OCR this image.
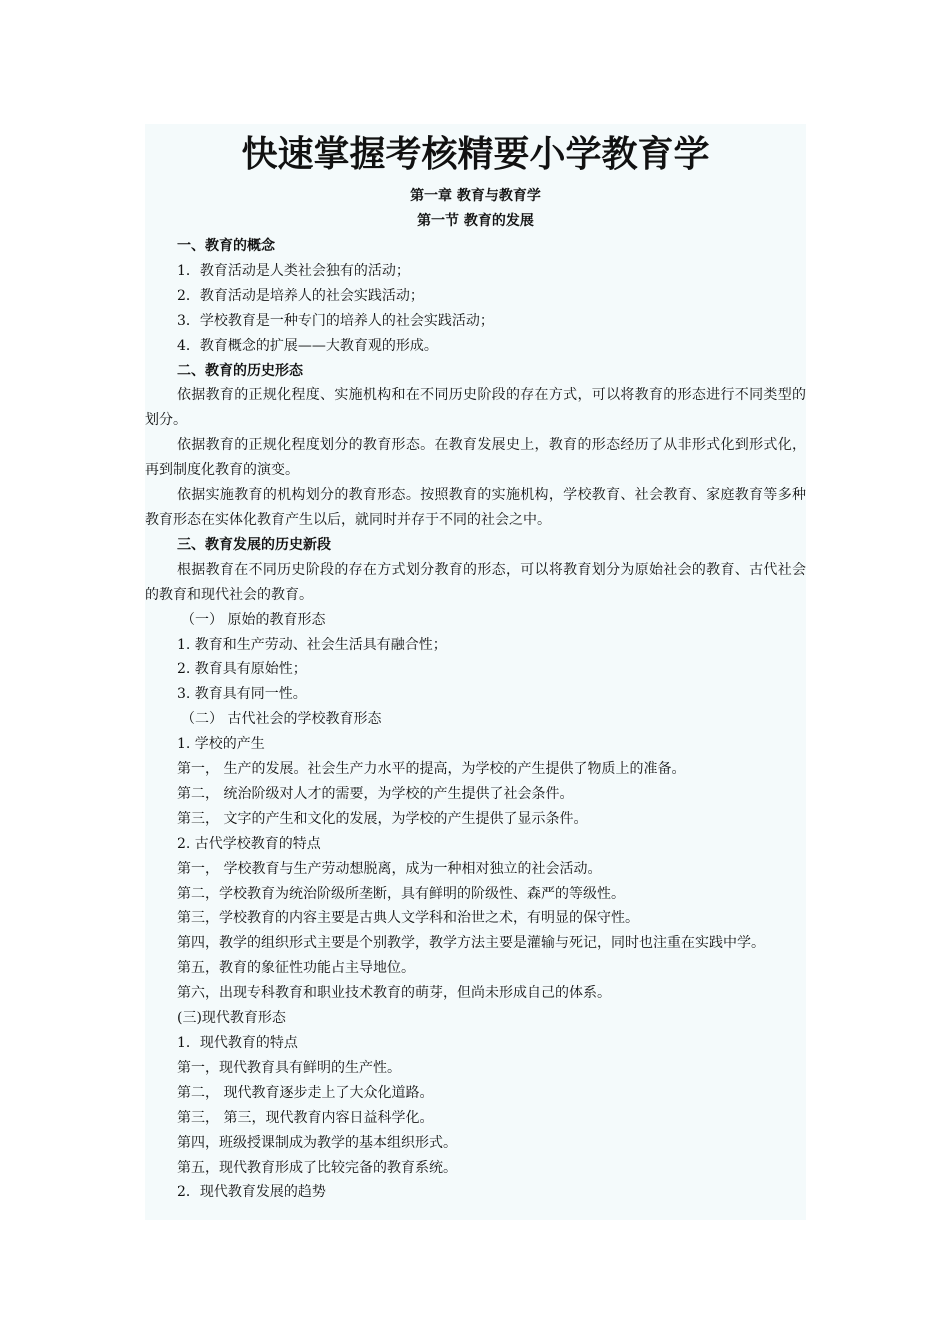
快速掌握考核精要小学教育学
第一章 教育与教育学
第一节 教育的发展
一、教育的概念
1．教育活动是人类社会独有的活动；
2．教育活动是培养人的社会实践活动；
3．学校教育是一种专门的培养人的社会实践活动；
4．教育概念的扩展——大教育观的形成。
二、教育的历史形态
依据教育的正规化程度、实施机构和在不同历史阶段的存在方式，可以将教育的形态进行不同类型的划分。
依据教育的正规化程度划分的教育形态。在教育发展史上，教育的形态经历了从非形式化到形式化，再到制度化教育的演变。
依据实施教育的机构划分的教育形态。按照教育的实施机构，学校教育、社会教育、家庭教育等多种教育形态在实体化教育产生以后，就同时并存于不同的社会之中。
三、教育发展的历史新段
根据教育在不同历史阶段的存在方式划分教育的形态，可以将教育划分为原始社会的教育、古代社会的教育和现代社会的教育。
（一） 原始的教育形态
1. 教育和生产劳动、社会生活具有融合性；
2. 教育具有原始性；
3. 教育具有同一性。
（二） 古代社会的学校教育形态
1. 学校的产生
第一， 生产的发展。社会生产力水平的提高，为学校的产生提供了物质上的准备。
第二， 统治阶级对人才的需要，为学校的产生提供了社会条件。
第三， 文字的产生和文化的发展，为学校的产生提供了显示条件。
2. 古代学校教育的特点
第一， 学校教育与生产劳动想脱离，成为一种相对独立的社会活动。
第二，学校教育为统治阶级所垄断，具有鲜明的阶级性、森严的等级性。
第三，学校教育的内容主要是古典人文学科和治世之术，有明显的保守性。
第四，教学的组织形式主要是个别教学，教学方法主要是灌输与死记，同时也注重在实践中学。
第五，教育的象征性功能占主导地位。
第六，出现专科教育和职业技术教育的萌芽，但尚未形成自己的体系。
(三)现代教育形态
1．现代教育的特点
第一，现代教育具有鲜明的生产性。
第二， 现代教育逐步走上了大众化道路。
第三， 第三，现代教育内容日益科学化。
第四，班级授课制成为教学的基本组织形式。
第五，现代教育形成了比较完备的教育系统。
2．现代教育发展的趋势
